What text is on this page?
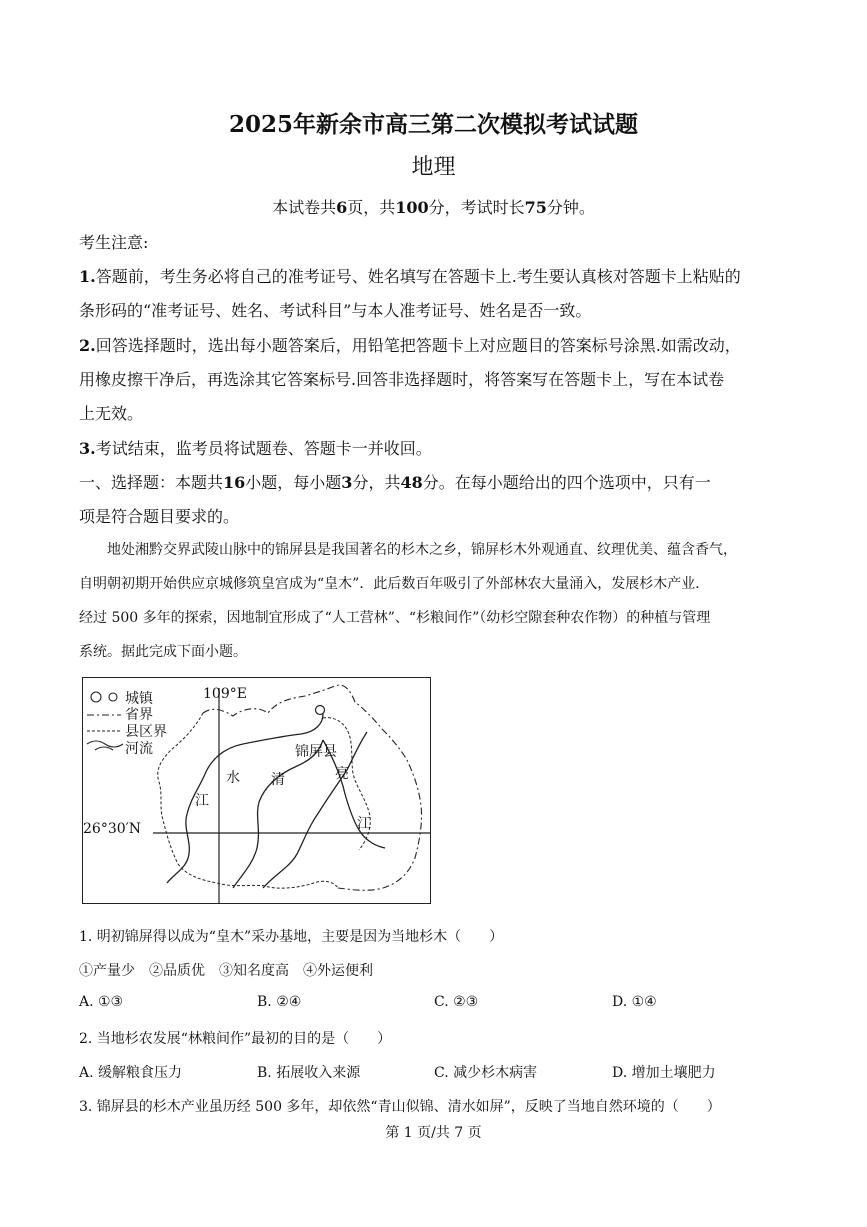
2025年新余市高三第二次模拟考试试题
地理
本试卷共6页，共100分，考试时长75分钟。
考生注意:
1.答题前，考生务必将自己的准考证号、姓名填写在答题卡上.考生要认真核对答题卡上粘贴的
条形码的“准考证号、姓名、考试科目”与本人准考证号、姓名是否一致。
2.回答选择题时，选出每小题答案后，用铅笔把答题卡上对应题目的答案标号涂黑.如需改动，
用橡皮擦干净后，再选涂其它答案标号.回答非选择题时，将答案写在答题卡上，写在本试卷
上无效。
3.考试结束，监考员将试题卷、答题卡一并收回。
一、选择题：本题共16小题，每小题3分，共48分。在每小题给出的四个选项中，只有一
项是符合题目要求的。
地处湘黔交界武陵山脉中的锦屏县是我国著名的杉木之乡，锦屏杉木外观通直、纹理优美、蕴含香气，
自明朝初期开始供应京城修筑皇宫成为“皇木”．此后数百年吸引了外部林农大量涌入，发展杉木产业．
经过 500 多年的探索，因地制宜形成了“人工营林”、“杉粮间作”（幼杉空隙套种农作物）的种植与管理
系统。据此完成下面小题。
城镇
省界
县区界
河流
109°E
26°30′N
锦屏县
江
水 清	亮
江
1. 明初锦屏得以成为“皇木”采办基地，主要是因为当地杉木（　　）
①产量少　②品质优　③知名度高　④外运便利
A. ①③	B. ②④	C. ②③	D. ①④
2. 当地杉农发展“林粮间作”最初的目的是（　　）
A. 缓解粮食压力	B. 拓展收入来源	C. 减少杉木病害	D. 增加土壤肥力
3. 锦屏县的杉木产业虽历经 500 多年，却依然“青山似锦、清水如屏”，反映了当地自然环境的（　　）
第 1 页/共 7 页
